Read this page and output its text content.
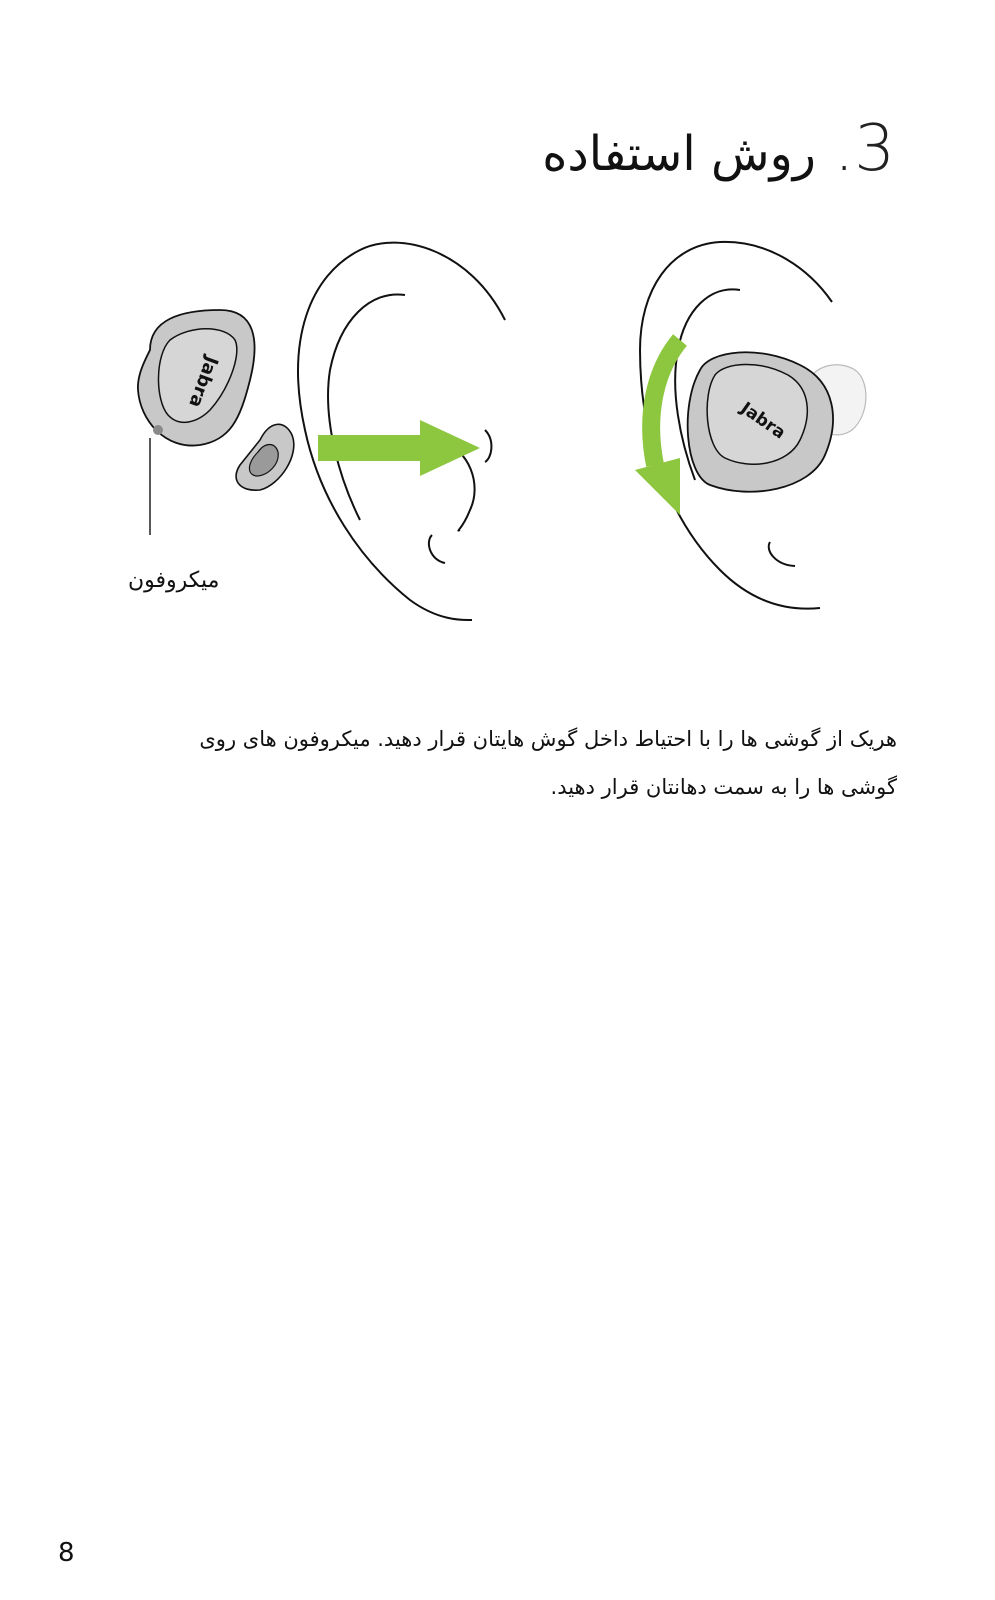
روش استفاده .3
Jabra
Jabra
میکروفون
هریک از گوشی ها را با احتیاط داخل گوش هایتان قرار دهید. میکروفون های روی
گوشی ها را به سمت دهانتان قرار دهید.
8
